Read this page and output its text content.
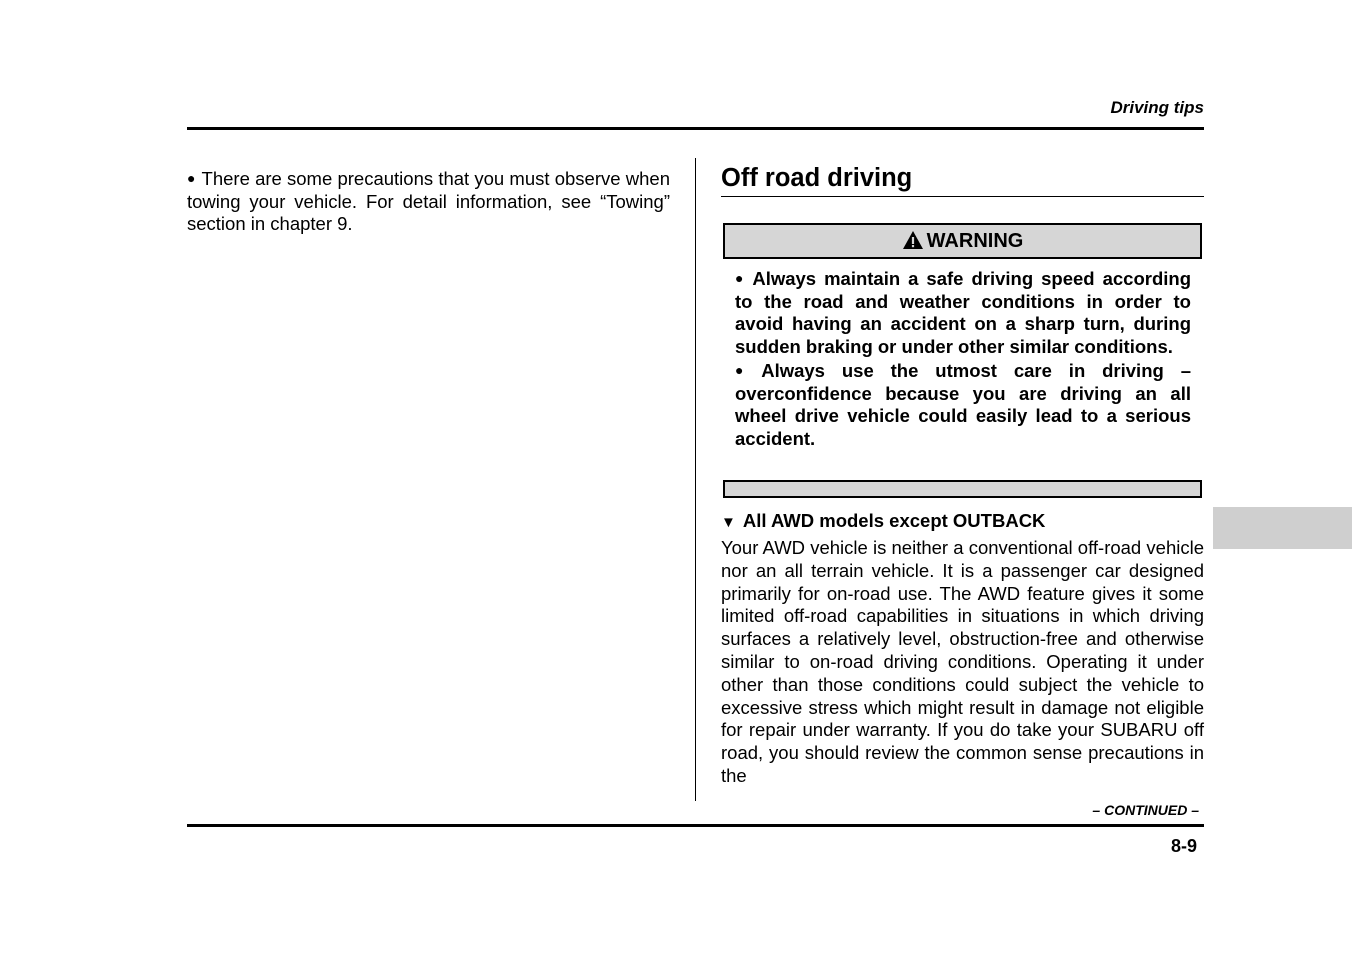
Driving tips
● There are some precautions that you must observe when towing your vehicle. For detail information, see “Towing” section in chapter 9.
Off road driving
WARNING

● Always maintain a safe driving speed according to the road and weather conditions in order to avoid having an accident on a sharp turn, during sudden braking or under other similar conditions.

● Always use the utmost care in driving – overconfidence because you are driving an all wheel drive vehicle could easily lead to a serious accident.

▼ All AWD models except OUTBACK

Your AWD vehicle is neither a conventional off-road vehicle nor an all terrain vehicle. It is a passenger car designed primarily for on-road use. The AWD feature gives it some limited off-road capabilities in situations in which driving surfaces a relatively level, obstruction-free and otherwise similar to on-road driving conditions. Operating it under other than those conditions could subject the vehicle to excessive stress which might result in damage not eligible for repair under warranty. If you do take your SUBARU off road, you should review the common sense precautions in the

– CONTINUED –
8-9
